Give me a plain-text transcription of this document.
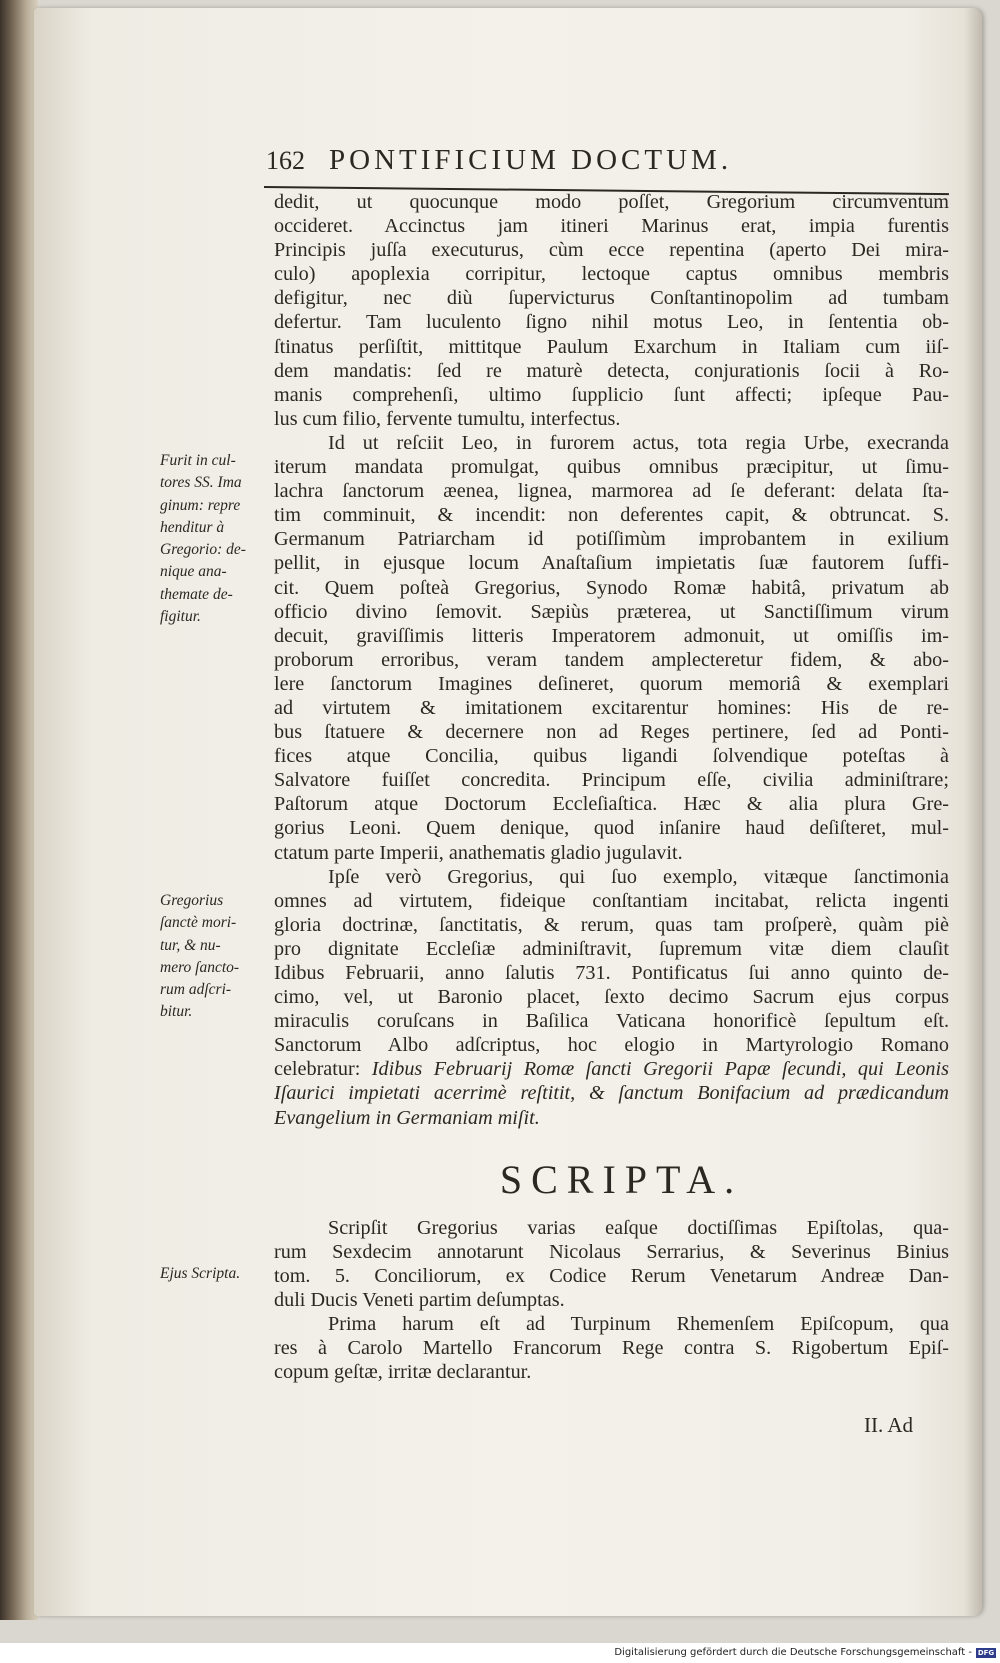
162 PONTIFICIUM DOCTUM.
dedit, ut quocunque modo poſſet, Gregorium circumventum
occideret. Accinctus jam itineri Marinus erat, impia furentis
Principis juſſa executurus, cùm ecce repentina (aperto Dei mira-
culo) apoplexia corripitur, lectoque captus omnibus membris
defigitur, nec diù ſupervicturus Conſtantinopolim ad tumbam
defertur. Tam luculento ſigno nihil motus Leo, in ſententia ob-
ſtinatus perſiſtit, mittitque Paulum Exarchum in Italiam cum iiſ-
dem mandatis: ſed re maturè detecta, conjurationis ſocii à Ro-
manis comprehenſi, ultimo ſupplicio ſunt affecti; ipſeque Pau-
lus cum filio, fervente tumultu, interfectus.
Id ut reſciit Leo, in furorem actus, tota regia Urbe, execranda
iterum mandata promulgat, quibus omnibus præcipitur, ut ſimu-
lachra ſanctorum æenea, lignea, marmorea ad ſe deferant: delata ſta-
tim comminuit, & incendit: non deferentes capit, & obtruncat. S.
Germanum Patriarcham id potiſſimùm improbantem in exilium
pellit, in ejusque locum Anaſtaſium impietatis ſuæ fautorem ſuffi-
cit. Quem poſteà Gregorius, Synodo Romæ habitâ, privatum ab
officio divino ſemovit. Sæpiùs præterea, ut Sanctiſſimum virum
decuit, graviſſimis litteris Imperatorem admonuit, ut omiſſis im-
proborum erroribus, veram tandem amplecteretur fidem, & abo-
lere ſanctorum Imagines deſineret, quorum memoriâ & exemplari
ad virtutem & imitationem excitarentur homines: His de re-
bus ſtatuere & decernere non ad Reges pertinere, ſed ad Ponti-
fices atque Concilia, quibus ligandi ſolvendique poteſtas à
Salvatore fuiſſet concredita. Principum eſſe, civilia adminiſtrare;
Paſtorum atque Doctorum Eccleſiaſtica. Hæc & alia plura Gre-
gorius Leoni. Quem denique, quod inſanire haud deſiſteret, mul-
ctatum parte Imperii, anathematis gladio jugulavit.
Ipſe verò Gregorius, qui ſuo exemplo, vitæque ſanctimonia
omnes ad virtutem, fideique conſtantiam incitabat, relicta ingenti
gloria doctrinæ, ſanctitatis, & rerum, quas tam proſperè, quàm piè
pro dignitate Eccleſiæ adminiſtravit, ſupremum vitæ diem clauſit
Idibus Februarii, anno ſalutis 731. Pontificatus ſui anno quinto de-
cimo, vel, ut Baronio placet, ſexto decimo Sacrum ejus corpus
miraculis coruſcans in Baſilica Vaticana honorificè ſepultum eſt.
Sanctorum Albo adſcriptus, hoc elogio in Martyrologio Romano
celebratur: Idibus Februarij Romæ ſancti Gregorii Papæ ſecundi, qui Leonis
Iſaurici impietati acerrimè reſtitit, & ſanctum Bonifacium ad prædicandum
Evangelium in Germaniam miſit.
SCRIPTA.
Scripſit Gregorius varias eaſque doctiſſimas Epiſtolas, qua-
rum Sexdecim annotarunt Nicolaus Serrarius, & Severinus Binius
tom. 5. Conciliorum, ex Codice Rerum Venetarum Andreæ Dan-
duli Ducis Veneti partim deſumptas.
Prima harum eſt ad Turpinum Rhemenſem Epiſcopum, qua
res à Carolo Martello Francorum Rege contra S. Rigobertum Epiſ-
copum geſtæ, irritæ declarantur.
Furit in cul-
tores SS. Ima
ginum: repre
henditur à
Gregorio: de-
nique ana-
themate de-
figitur.
Gregorius
ſanctè mori-
tur, & nu-
mero ſancto-
rum adſcri-
bitur.
Ejus Scripta.
II. Ad
Digitalisierung gefördert durch die Deutsche Forschungsgemeinschaft - DFG
